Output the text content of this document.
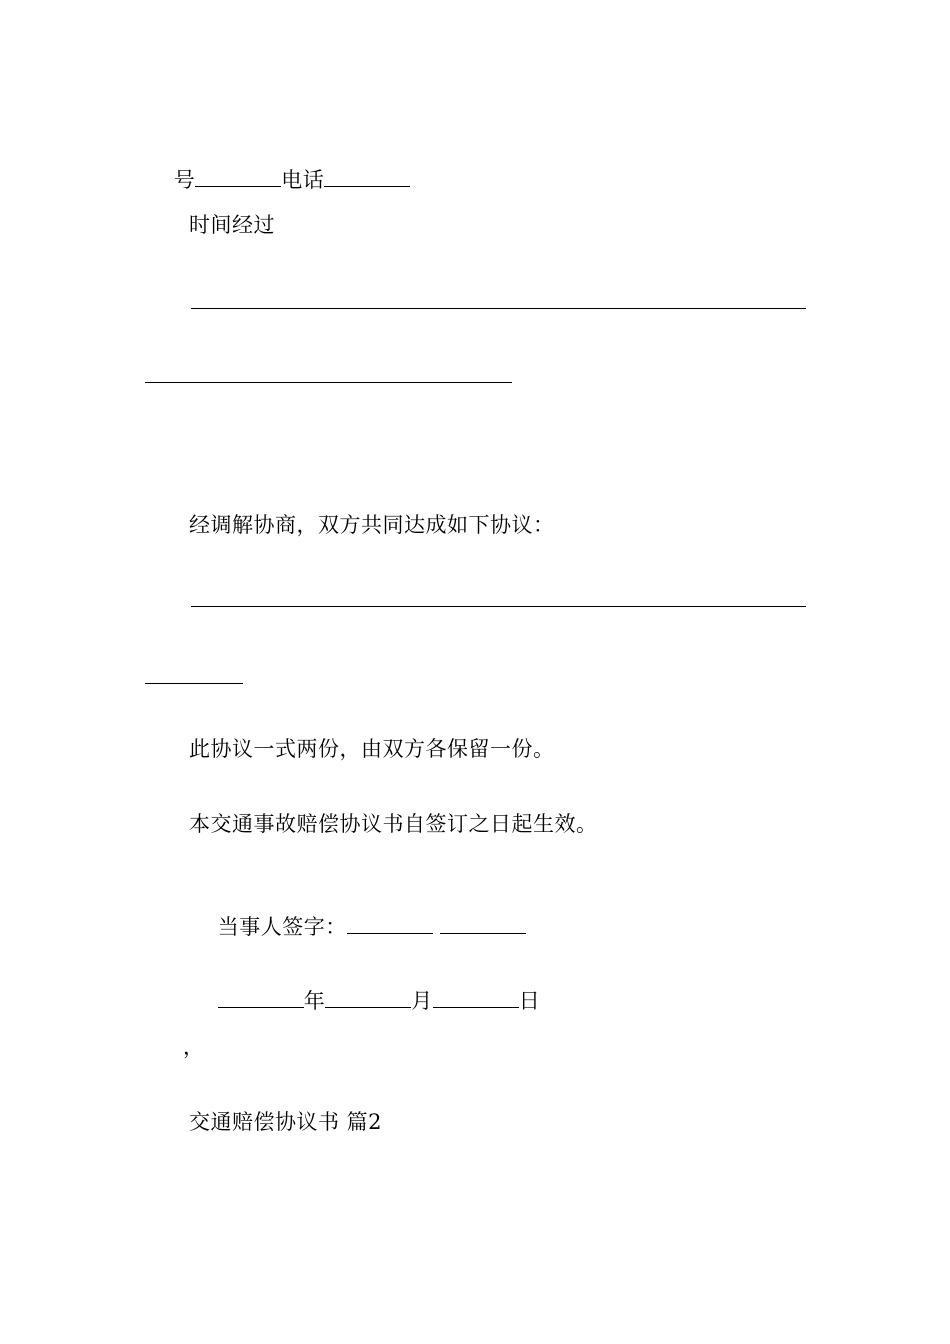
号	电话

时间经过
经调解协商，双方共同达成如下协议：
此协议一式两份，由双方各保留一份。
本交通事故赔偿协议书自签订之日起生效。

当事人签字：

年	月	日

，
交通赔偿协议书 篇2
